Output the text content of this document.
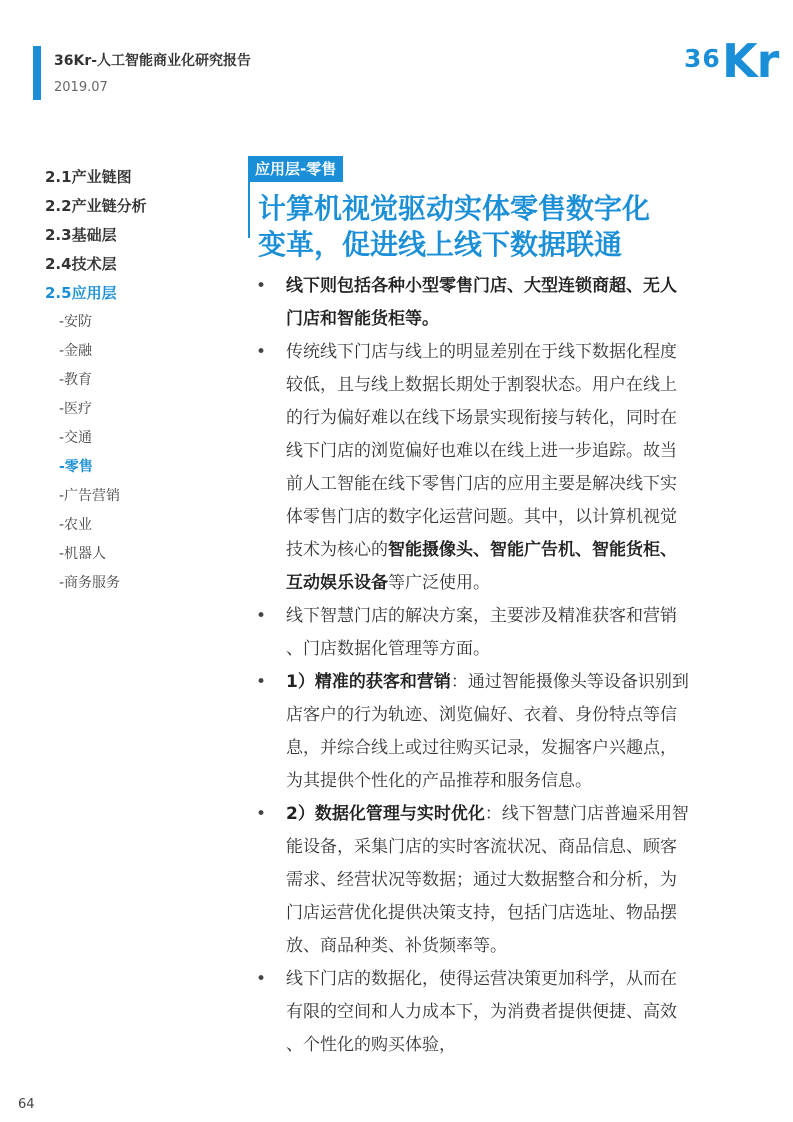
36Kr-人工智能商业化研究报告
2019.07
36 Kr
2.1产业链图
2.2产业链分析
2.3基础层
2.4技术层
2.5应用层
-安防
-金融
-教育
-医疗
-交通
-零售
-广告营销
-农业
-机器人
-商务服务
应用层-零售
计算机视觉驱动实体零售数字化
变革，促进线上线下数据联通
• 线下则包括各种小型零售门店、大型连锁商超、无人
门店和智能货柜等。
• 传统线下门店与线上的明显差别在于线下数据化程度
较低，且与线上数据长期处于割裂状态。用户在线上
的行为偏好难以在线下场景实现衔接与转化，同时在
线下门店的浏览偏好也难以在线上进一步追踪。故当
前人工智能在线下零售门店的应用主要是解决线下实
体零售门店的数字化运营问题。其中，以计算机视觉
技术为核心的智能摄像头、智能广告机、智能货柜、
互动娱乐设备等广泛使用。
• 线下智慧门店的解决方案，主要涉及精准获客和营销
、门店数据化管理等方面。
• 1）精准的获客和营销：通过智能摄像头等设备识别到
店客户的行为轨迹、浏览偏好、衣着、身份特点等信
息，并综合线上或过往购买记录，发掘客户兴趣点，
为其提供个性化的产品推荐和服务信息。
• 2）数据化管理与实时优化：线下智慧门店普遍采用智
能设备，采集门店的实时客流状况、商品信息、顾客
需求、经营状况等数据；通过大数据整合和分析，为
门店运营优化提供决策支持，包括门店选址、物品摆
放、商品种类、补货频率等。
• 线下门店的数据化，使得运营决策更加科学，从而在
有限的空间和人力成本下，为消费者提供便捷、高效
、个性化的购买体验，
64
